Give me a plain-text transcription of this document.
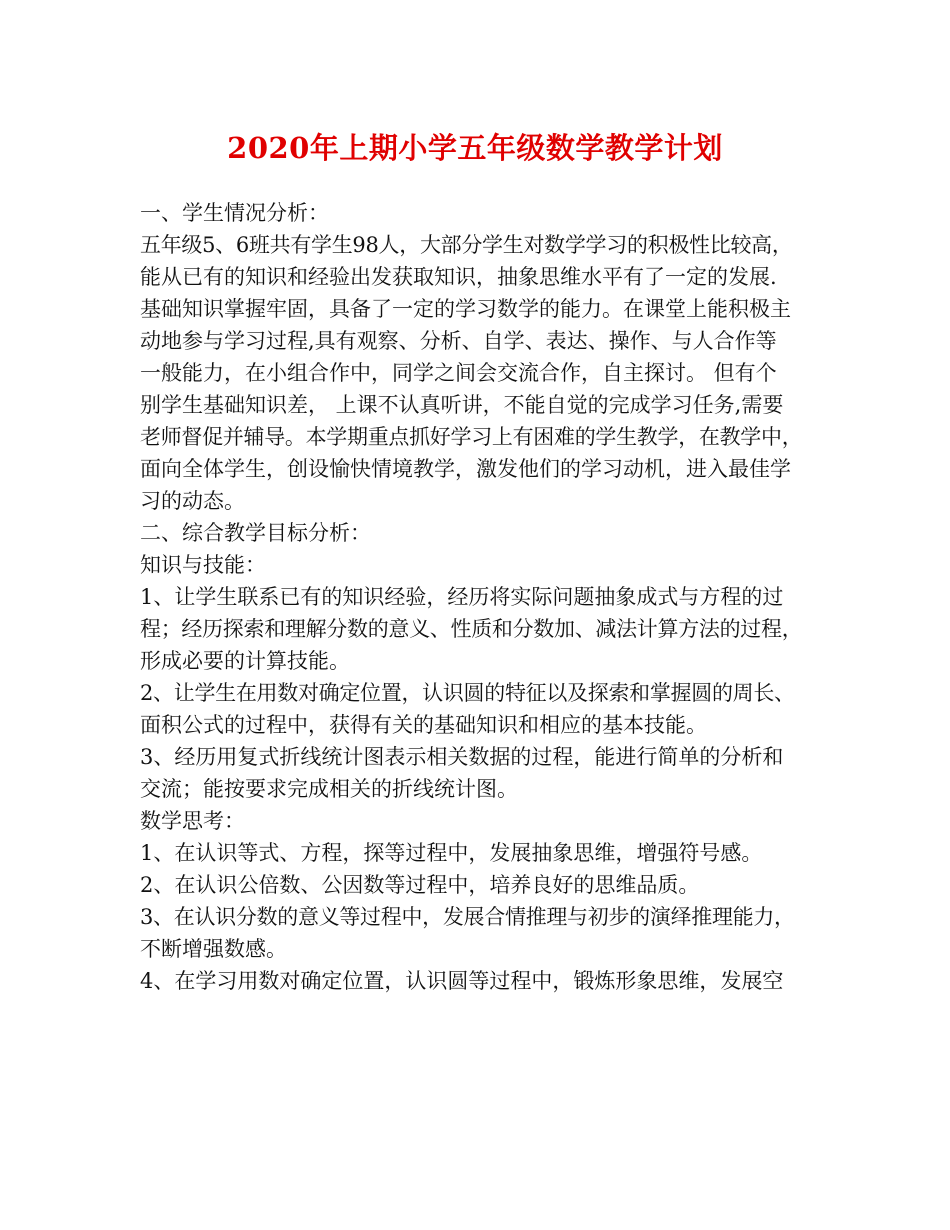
2020年上期小学五年级数学教学计划
一、学生情况分析：
五年级5、6班共有学生98人，大部分学生对数学学习的积极性比较高，
能从已有的知识和经验出发获取知识，抽象思维水平有了一定的发展.
基础知识掌握牢固，具备了一定的学习数学的能力。在课堂上能积极主
动地参与学习过程,具有观察、分析、自学、表达、操作、与人合作等
一般能力，在小组合作中，同学之间会交流合作，自主探讨。 但有个
别学生基础知识差， 上课不认真听讲，不能自觉的完成学习任务,需要
老师督促并辅导。本学期重点抓好学习上有困难的学生教学，在教学中，
面向全体学生，创设愉快情境教学，激发他们的学习动机，进入最佳学
习的动态。
二、综合教学目标分析：
知识与技能：
1、让学生联系已有的知识经验，经历将实际问题抽象成式与方程的过
程；经历探索和理解分数的意义、性质和分数加、减法计算方法的过程，
形成必要的计算技能。
2、让学生在用数对确定位置，认识圆的特征以及探索和掌握圆的周长、
面积公式的过程中，获得有关的基础知识和相应的基本技能。
3、经历用复式折线统计图表示相关数据的过程，能进行简单的分析和
交流；能按要求完成相关的折线统计图。
数学思考：
1、在认识等式、方程，探等过程中，发展抽象思维，增强符号感。
2、在认识公倍数、公因数等过程中，培养良好的思维品质。
3、在认识分数的意义等过程中，发展合情推理与初步的演绎推理能力，
不断增强数感。
4、在学习用数对确定位置，认识圆等过程中，锻炼形象思维，发展空
